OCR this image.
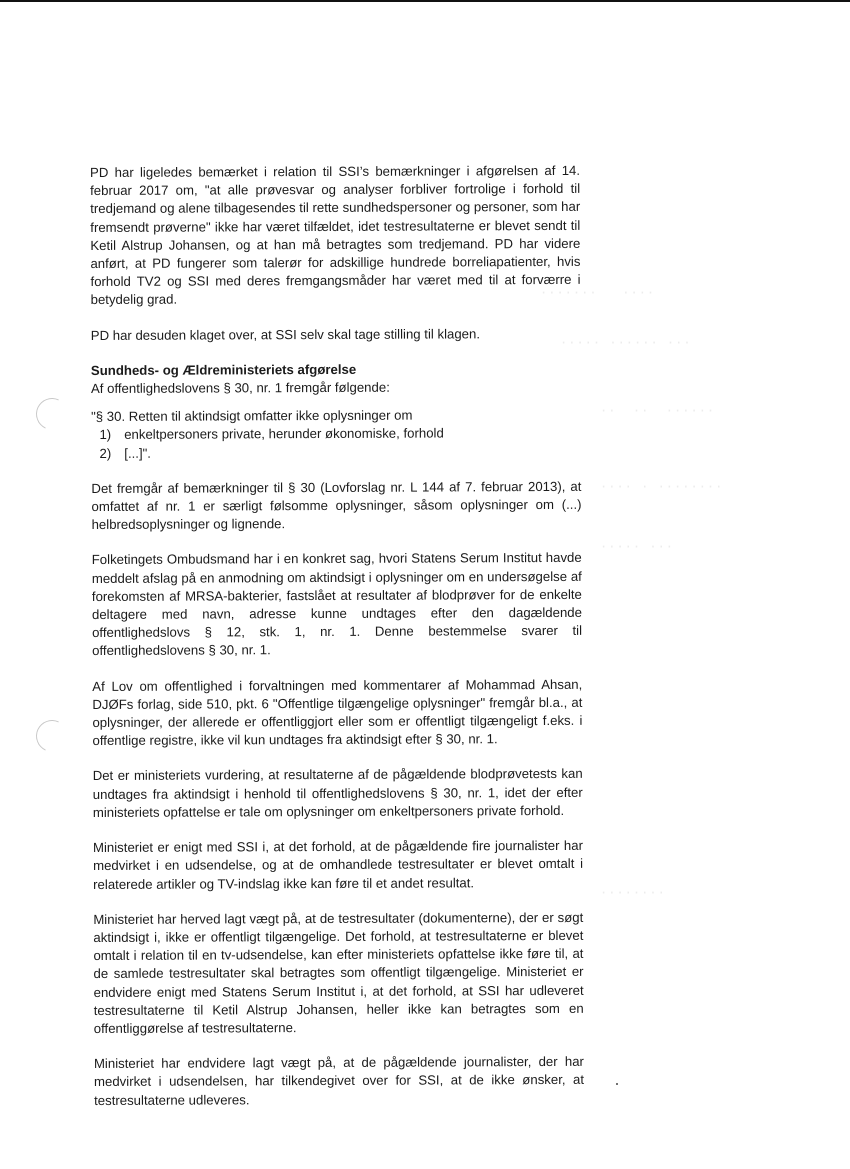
·······   ····
····· ······ ···
··  ··  ······
···· · ········
····· ···
········

PD har ligeledes bemærket i relation til SSI’s bemærkninger i afgørelsen af 14. februar 2017 om, "at alle prøvesvar og analyser forbliver fortrolige i forhold til tredjemand og alene tilbagesendes til rette sundhedspersoner og personer, som har fremsendt prøverne" ikke har været tilfældet, idet testresultaterne er blevet sendt til Ketil Alstrup Johansen, og at han må betragtes som tredjemand. PD har videre anført, at PD fungerer som talerør for adskillige hundrede borreliapatienter, hvis forhold TV2 og SSI med deres fremgangsmåder har været med til at forværre i betydelig grad.

PD har desuden klaget over, at SSI selv skal tage stilling til klagen.

Sundheds- og Ældreministeriets afgørelse

Af offentlighedslovens § 30, nr. 1 fremgår følgende:

"§ 30. Retten til aktindsigt omfatter ikke oplysninger om

1) enkeltpersoners private, herunder økonomiske, forhold
2) [...]".

Det fremgår af bemærkninger til § 30 (Lovforslag nr. L 144 af 7. februar 2013), at omfattet af nr. 1 er særligt følsomme oplysninger, såsom oplysninger om (...) helbredsoplysninger og lignende.

Folketingets Ombudsmand har i en konkret sag, hvori Statens Serum Institut havde meddelt afslag på en anmodning om aktindsigt i oplysninger om en undersøgelse af forekomsten af MRSA-bakterier, fastslået at resultater af blodprøver for de enkelte deltagere med navn, adresse kunne undtages efter den dagældende offentlighedslovs § 12, stk. 1, nr. 1. Denne bestemmelse svarer til offentlighedslovens § 30, nr. 1.

Af Lov om offentlighed i forvaltningen med kommentarer af Mohammad Ahsan, DJØFs forlag, side 510, pkt. 6 "Offentlige tilgængelige oplysninger" fremgår bl.a., at oplysninger, der allerede er offentliggjort eller som er offentligt tilgængeligt f.eks. i offentlige registre, ikke vil kun undtages fra aktindsigt efter § 30, nr. 1.

Det er ministeriets vurdering, at resultaterne af de pågældende blodprøvetests kan undtages fra aktindsigt i henhold til offentlighedslovens § 30, nr. 1, idet der efter ministeriets opfattelse er tale om oplysninger om enkeltpersoners private forhold.

Ministeriet er enigt med SSI i, at det forhold, at de pågældende fire journalister har medvirket i en udsendelse, og at de omhandlede testresultater er blevet omtalt i relaterede artikler og TV-indslag ikke kan føre til et andet resultat.

Ministeriet har herved lagt vægt på, at de testresultater (dokumenterne), der er søgt aktindsigt i, ikke er offentligt tilgængelige. Det forhold, at testresultaterne er blevet omtalt i relation til en tv-udsendelse, kan efter ministeriets opfattelse ikke føre til, at de samlede testresultater skal betragtes som offentligt tilgængelige. Ministeriet er endvidere enigt med Statens Serum Institut i, at det forhold, at SSI har udleveret testresultaterne til Ketil Alstrup Johansen, heller ikke kan betragtes som en offentliggørelse af testresultaterne.

Ministeriet har endvidere lagt vægt på, at de pågældende journalister, der har medvirket i udsendelsen, har tilkendegivet over for SSI, at de ikke ønsker, at testresultaterne udleveres.
